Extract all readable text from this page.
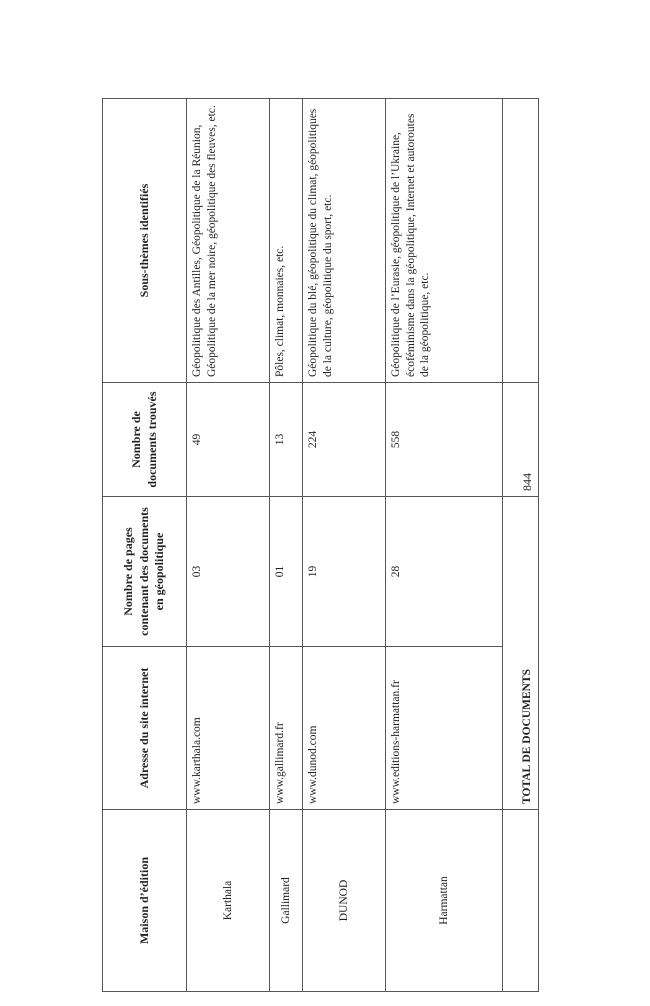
Maison d’édition	Adresse du site internet	Nombre de pages contenant des documents en géopolitique	Nombre de documents trouvés	Sous-thèmes identifiés
Karthala	www.karthala.com	03	49	Géopolitique des Antilles, Géopolitique de la Réunion, Géopolitique de la mer noire, géopolitique des fleuves, etc.
Gallimard	www.gallimard.fr	01	13	Pôles, climat, monnaies, etc.
DUNOD	www.dunod.com	19	224	Géopolitique du blé, géopolitique du climat, géopolitiques de la culture, géopolitique du sport, etc.
Harmattan	www.editions-harmattan.fr	28	558	Géopolitique de l’Eurasie, géopolitique de l’Ukraine, écoféminisme dans la géopolitique, Internet et autoroutes de la géopolitique, etc.
	TOTAL DE DOCUMENTS		844	
